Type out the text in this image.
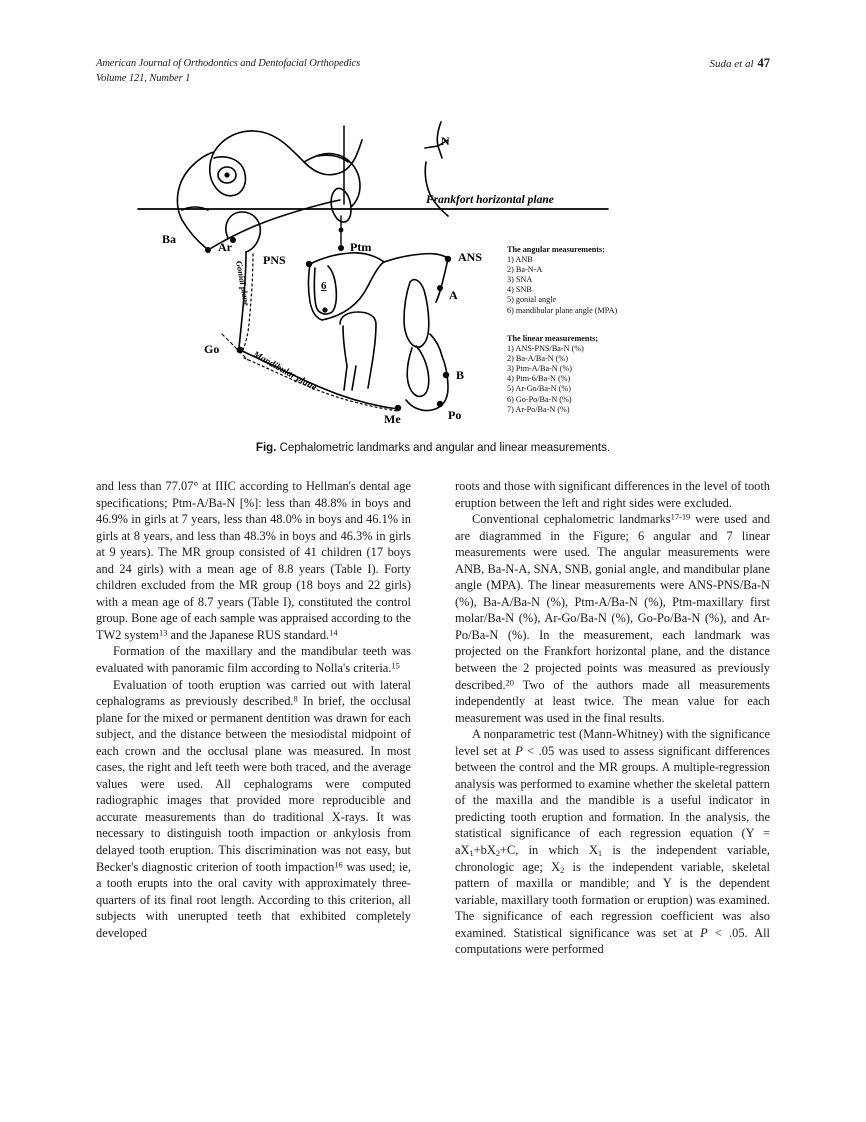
American Journal of Orthodontics and Dentofacial Orthopedics
Volume 121, Number 1
Suda et al 47
N
Ba
Ar	Ptm
PNS	ANS
A
B
Go
Me	Po
6
Frankfort horizontal plane
Gonial plane
Mandibular plane
The angular measurements;
1) ANB
2) Ba-N-A
3) SNA
4) SNB
5) gonial angle
6) mandibular plane angle (MPA)
The linear measurements;
1) ANS-PNS/Ba-N (%)
2) Ba-A/Ba-N (%)
3) Ptm-A/Ba-N (%)
4) Ptm-6/Ba-N (%)
5) Ar-Go/Ba-N (%)
6) Go-Po/Ba-N (%)
7) Ar-Po/Ba-N (%)
Fig. Cephalometric landmarks and angular and linear measurements.

and less than 77.07° at IIIC according to Hellman's dental age specifications; Ptm-A/Ba-N [%]: less than 48.8% in boys and 46.9% in girls at 7 years, less than 48.0% in boys and 46.1% in girls at 8 years, and less than 48.3% in boys and 46.3% in girls at 9 years). The MR group consisted of 41 children (17 boys and 24 girls) with a mean age of 8.8 years (Table I). Forty children excluded from the MR group (18 boys and 22 girls) with a mean age of 8.7 years (Table I), constituted the control group. Bone age of each sample was appraised according to the TW2 system$^{13}$ and the Japanese RUS standard.$^{14}$

Formation of the maxillary and the mandibular teeth was evaluated with panoramic film according to Nolla's criteria.$^{15}$

Evaluation of tooth eruption was carried out with lateral cephalograms as previously described.$^8$ In brief, the occlusal plane for the mixed or permanent dentition was drawn for each subject, and the distance between the mesiodistal midpoint of each crown and the occlusal plane was measured. In most cases, the right and left teeth were both traced, and the average values were used. All cephalograms were computed radiographic images that provided more reproducible and accurate measurements than do traditional X-rays. It was necessary to distinguish tooth impaction or ankylosis from delayed tooth eruption. This discrimination was not easy, but Becker's diagnostic criterion of tooth impaction$^{16}$ was used; ie, a tooth erupts into the oral cavity with approximately three-quarters of its final root length. According to this criterion, all subjects with unerupted teeth that exhibited completely developed

roots and those with significant differences in the level of tooth eruption between the left and right sides were excluded.

Conventional cephalometric landmarks$^{17-19}$ were used and are diagrammed in the Figure; 6 angular and 7 linear measurements were used. The angular measurements were ANB, Ba-N-A, SNA, SNB, gonial angle, and mandibular plane angle (MPA). The linear measurements were ANS-PNS/Ba-N (%), Ba-A/Ba-N (%), Ptm-A/Ba-N (%), Ptm-maxillary first molar/Ba-N (%), Ar-Go/Ba-N (%), Go-Po/Ba-N (%), and Ar-Po/Ba-N (%). In the measurement, each landmark was projected on the Frankfort horizontal plane, and the distance between the 2 projected points was measured as previously described.$^{20}$ Two of the authors made all measurements independently at least twice. The mean value for each measurement was used in the final results.

A nonparametric test (Mann-Whitney) with the significance level set at P < .05 was used to assess significant differences between the control and the MR groups. A multiple-regression analysis was performed to examine whether the skeletal pattern of the maxilla and the mandible is a useful indicator in predicting tooth eruption and formation. In the analysis, the statistical significance of each regression equation ($Y = aX_1+bX_2+C$, in which $X_1$ is the independent variable, chronologic age; $X_2$ is the independent variable, skeletal pattern of maxilla or mandible; and Y is the dependent variable, maxillary tooth formation or eruption) was examined. The significance of each regression coefficient was also examined. Statistical significance was set at P < .05. All computations were performed
